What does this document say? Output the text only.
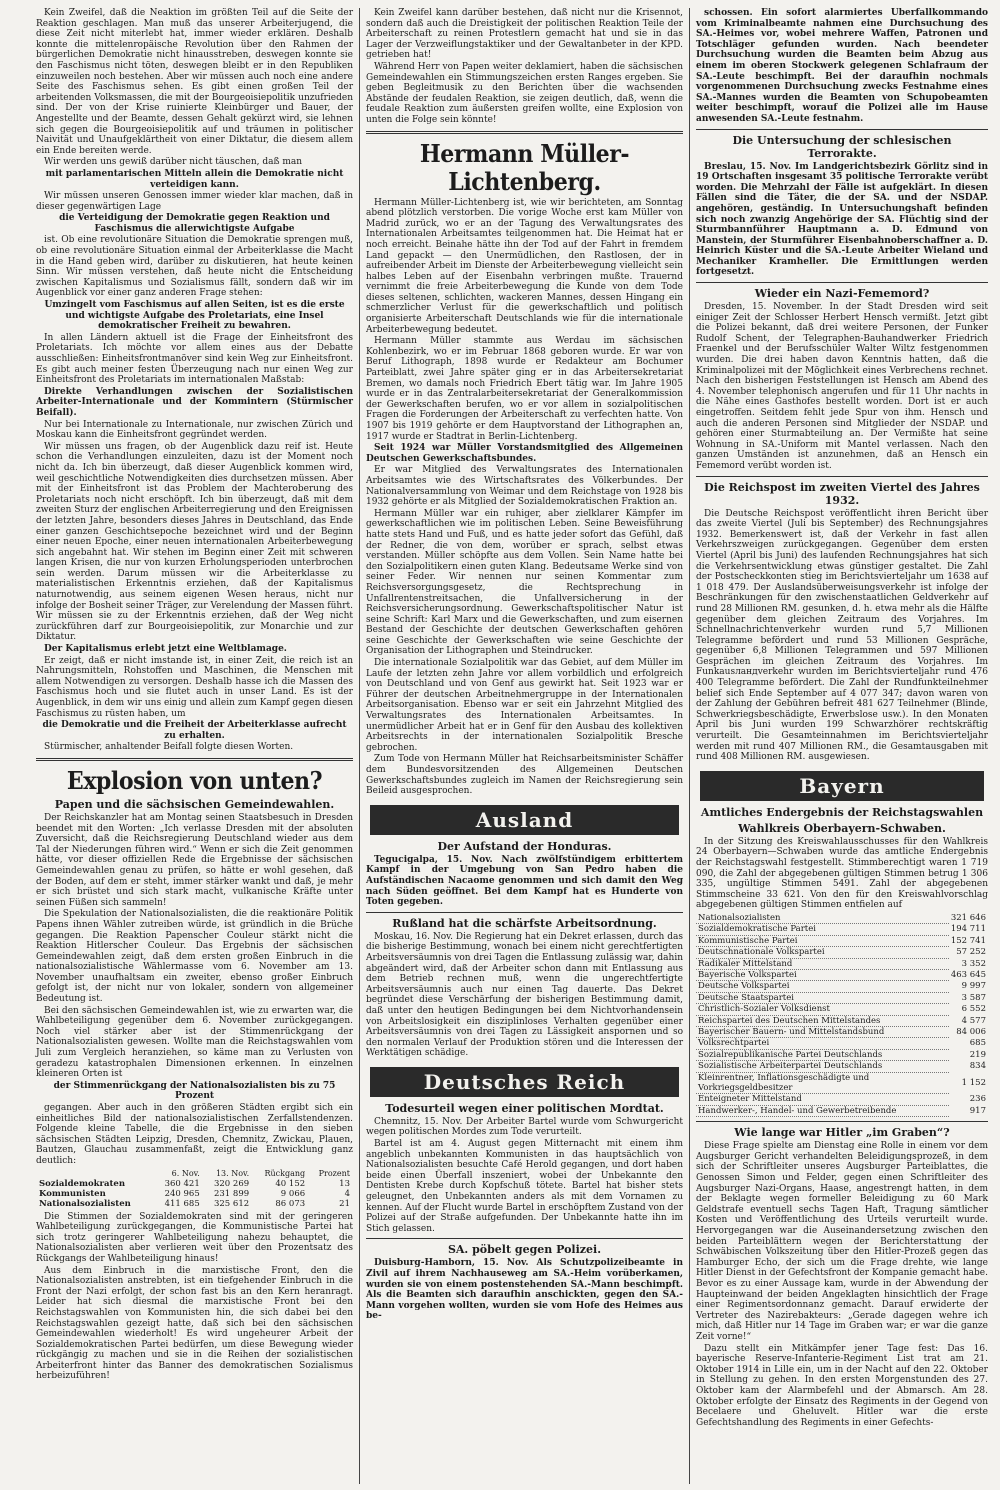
Kein Zweifel, daß die Neaktion im größten Teil auf die Seite der Reaktion geschlagen. Man muß das unserer Arbeiterjugend, die diese Zeit nicht miterlebt hat, immer wieder erklären. Deshalb konnte die mittelenropäische Revolution über den Rahmen der bürgerlichen Demokratie nicht hinausstreben, deswegen konnte sie den Faschismus nicht töten, deswegen bleibt er in den Republiken einzuweilen noch bestehen. Aber wir müssen auch noch eine andere Seite des Faschismus sehen. Es gibt einen großen Teil der arbeitenden Volksmassen, die mit der Bourgeoisiepolitik unzufrieden sind. Der von der Krise ruinierte Kleinbürger und Bauer, der Angestellte und der Beamte, dessen Gehalt gekürzt wird, sie lehnen sich gegen die Bourgeoisiepolitik auf und träumen in politischer Naivität und Unaufgeklärtheit von einer Diktatur, die diesem allem ein Ende bereiten werde.

Wir werden uns gewiß darüber nicht täuschen, daß man

mit parlamentarischen Mitteln allein die Demokratie nicht verteidigen kann.

Wir müssen unseren Genossen immer wieder klar machen, daß in dieser gegenwärtigen Lage

die Verteidigung der Demokratie gegen Reaktion und Faschismus die allerwichtigste Aufgabe

ist. Ob eine revolutionäre Situation die Demokratie sprengen muß, ob eine revolutionäre Situation einmal der Arbeiterklasse die Macht in die Hand geben wird, darüber zu diskutieren, hat heute keinen Sinn. Wir müssen verstehen, daß heute nicht die Entscheidung zwischen Kapitalismus und Sozialismus fällt, sondern daß wir im Augenblick vor einer ganz anderen Frage stehen:

Umzingelt vom Faschismus auf allen Seiten, ist es die erste und wichtigste Aufgabe des Proletariats, eine Insel demokratischer Freiheit zu bewahren.

In allen Ländern aktuell ist die Frage der Einheitsfront des Proletariats. Ich möchte vor allem eines aus der Debatte ausschließen: Einheitsfrontmanöver sind kein Weg zur Einheitsfront. Es gibt auch meiner festen Überzeugung nach nur einen Weg zur Einheitsfront des Proletariats im internationalen Maßstab:

Direkte Verhandlungen zwischen der Sozialistischen Arbeiter-Internationale und der Kommintern (Stürmischer Beifall).

Nur bei Internationale zu Internationale, nur zwischen Zürich und Moskau kann die Einheitsfront gegründet werden.

Wir müssen uns fragen, ob der Augenblick dazu reif ist. Heute schon die Verhandlungen einzuleiten, dazu ist der Moment noch nicht da. Ich bin überzeugt, daß dieser Augenblick kommen wird, weil geschichtliche Notwendigkeiten dies durchsetzen müssen. Aber mit der Einheitsfront ist das Problem der Machteroberung des Proletariats noch nicht erschöpft. Ich bin überzeugt, daß mit dem zweiten Sturz der englischen Arbeiterregierung und den Ereignissen der letzten Jahre, besonders dieses Jahres in Deutschland, das Ende einer ganzen Geschichtsepoche bezeichnet wird und der Beginn einer neuen Epoche, einer neuen internationalen Arbeiterbewegung sich angebahnt hat. Wir stehen im Beginn einer Zeit mit schweren langen Krisen, die nur von kurzen Erholungsperioden unterbrochen sein werden. Darum müssen wir die Arbeiterklasse zu materialistischen Erkenntnis erziehen, daß der Kapitalismus naturnotwendig, aus seinem eigenen Wesen heraus, nicht nur infolge der Bosheit seiner Träger, zur Verelendung der Massen führt. Wir müssen sie zu der Erkenntnis erziehen, daß der Weg nicht zurückführen darf zur Bourgeoisiepolitik, zur Monarchie und zur Diktatur.

Der Kapitalismus erlebt jetzt eine Weltblamage.

Er zeigt, daß er nicht imstande ist, in einer Zeit, die reich ist an Nahrungsmitteln, Rohstoffen und Maschinen, die Menschen mit allem Notwendigen zu versorgen. Deshalb hasse ich die Massen des Faschismus hoch und sie flutet auch in unser Land. Es ist der Augenblick, in dem wir uns einig und allein zum Kampf gegen diesen Faschismus zu rüsten haben, um

die Demokratie und die Freiheit der Arbeiterklasse aufrecht zu erhalten.

Stürmischer, anhaltender Beifall folgte diesen Worten.

Explosion von unten?
Papen und die sächsischen Gemeindewahlen.

Der Reichskanzler hat am Montag seinen Staatsbesuch in Dresden beendet mit den Worten: „Ich verlasse Dresden mit der absoluten Zuversicht, daß die Reichsregierung Deutschland wieder aus dem Tal der Niederungen führen wird.“ Wenn er sich die Zeit genommen hätte, vor dieser offiziellen Rede die Ergebnisse der sächsischen Gemeindewahlen genau zu prüfen, so hätte er wohl gesehen, daß der Boden, auf dem er steht, immer stärker wankt und daß, je mehr er sich brüstet und sich stark macht, vulkanische Kräfte unter seinen Füßen sich sammeln!

Die Spekulation der Nationalsozialisten, die die reaktionäre Politik Papens ihnen Wähler zutreiben würde, ist gründlich in die Brüche gegangen. Die Reaktion Papenscher Couleur stärkt nicht die Reaktion Hitlerscher Couleur. Das Ergebnis der sächsischen Gemeindewahlen zeigt, daß dem ersten großen Einbruch in die nationalsozialistische Wählermasse vom 6. November am 13. November unaufhaltsam ein zweiter, ebenso großer Einbruch gefolgt ist, der nicht nur von lokaler, sondern von allgemeiner Bedeutung ist.

Bei den sächsischen Gemeindewahlen ist, wie zu erwarten war, die Wahlbeteiligung gegenüber dem 6. November zurückgegangen. Noch viel stärker aber ist der Stimmenrückgang der Nationalsozialisten gewesen. Wollte man die Reichstagswahlen vom Juli zum Vergleich heranziehen, so käme man zu Verlusten von geradezu katastrophalen Dimensionen erkennen. In einzelnen kleineren Orten ist

der Stimmenrückgang der Nationalsozialisten bis zu 75 Prozent

gegangen. Aber auch in den größeren Städten ergibt sich ein einheitliches Bild der nationalsozialistischen Zerfallstendenzen. Folgende kleine Tabelle, die die Ergebnisse in den sieben sächsischen Städten Leipzig, Dresden, Chemnitz, Zwickau, Plauen, Bautzen, Glauchau zusammenfaßt, zeigt die Entwicklung ganz deutlich:

	6. Nov.	13. Nov.	Rückgang	Prozent
Sozialdemokraten	360 421	320 269	40 152	13
Kommunisten	240 965	231 899	9 066	4
Nationalsozialisten	411 685	325 612	86 073	21

Die Stimmen der Sozialdemokraten sind mit der geringeren Wahlbeteiligung zurückgegangen, die Kommunistische Partei hat sich trotz geringerer Wahlbeteiligung nahezu behauptet, die Nationalsozialisten aber verlieren weit über den Prozentsatz des Rückgangs der Wahlbeteiligung hinaus!

Aus dem Einbruch in die marxistische Front, den die Nationalsozialisten anstrebten, ist ein tiefgehender Einbruch in die Front der Nazi erfolgt, der schon fast bis an den Kern heranragt. Leider hat sich diesmal die marxistische Front bei den Reichstagswahlen von Kommunisten hin, die sich dabei bei den Reichstagswahlen gezeigt hatte, daß sich bei den sächsischen Gemeindewahlen wiederholt! Es wird ungeheurer Arbeit der Sozialdemokratischen Partei bedürfen, um diese Bewegung wieder rückgängig zu machen und sie in die Reihen der sozialistischen Arbeiterfront hinter das Banner des demokratischen Sozialismus herbeizuführen!

Kein Zweifel kann darüber bestehen, daß nicht nur die Krisennot, sondern daß auch die Dreistigkeit der politischen Reaktion Teile der Arbeiterschaft zu reinen Protestlern gemacht hat und sie in das Lager der Verzweiflungstaktiker und der Gewaltanbeter in der KPD. getrieben hat!

Während Herr von Papen weiter deklamiert, haben die sächsischen Gemeindewahlen ein Stimmungszeichen ersten Ranges ergeben. Sie geben Begleitmusik zu den Berichten über die wachsenden Abstände der feudalen Reaktion, sie zeigen deutlich, daß, wenn die feudale Reaktion zum äußersten greifen wollte, eine Explosion von unten die Folge sein könnte!

Hermann Müller-Lichtenberg.

Hermann Müller-Lichtenberg ist, wie wir berichteten, am Sonntag abend plötzlich verstorben. Die vorige Woche erst kam Müller von Madrid zurück, wo er an der Tagung des Verwaltungsrates des Internationalen Arbeitsamtes teilgenommen hat. Die Heimat hat er noch erreicht. Beinahe hätte ihn der Tod auf der Fahrt in fremdem Land gepackt — den Unermüdlichen, den Rastlosen, der in aufreibender Arbeit im Dienste der Arbeiterbewegung vielleicht sein halbes Leben auf der Eisenbahn verbringen mußte. Trauernd vernimmt die freie Arbeiterbewegung die Kunde von dem Tode dieses seltenen, schlichten, wackeren Mannes, dessen Hingang ein schmerzlicher Verlust für die gewerkschaftlich und politisch organisierte Arbeiterschaft Deutschlands wie für die internationale Arbeiterbewegung bedeutet.

Hermann Müller stammte aus Werdau im sächsischen Kohlenbezirk, wo er im Februar 1868 geboren wurde. Er war von Beruf Lithograph, 1898 wurde er Redakteur am Bochumer Parteiblatt, zwei Jahre später ging er in das Arbeitersekretariat Bremen, wo damals noch Friedrich Ebert tätig war. Im Jahre 1905 wurde er in das Zentralarbeitersekretariat der Generalkommission der Gewerkschaften berufen, wo er vor allem in sozialpolitischen Fragen die Forderungen der Arbeiterschaft zu verfechten hatte. Von 1907 bis 1919 gehörte er dem Hauptvorstand der Lithographen an, 1917 wurde er Stadtrat in Berlin-Lichtenberg.

Seit 1924 war Müller Vorstandsmitglied des Allgemeinen Deutschen Gewerkschaftsbundes.

Er war Mitglied des Verwaltungsrates des Internationalen Arbeitsamtes wie des Wirtschaftsrates des Völkerbundes. Der Nationalversammlung von Weimar und dem Reichstage von 1928 bis 1932 gehörte er als Mitglied der Sozialdemokratischen Fraktion an.

Hermann Müller war ein ruhiger, aber zielklarer Kämpfer im gewerkschaftlichen wie im politischen Leben. Seine Beweisführung hatte stets Hand und Fuß, und es hatte jeder sofort das Gefühl, daß der Redner, die von dem, worüber er sprach, selbst etwas verstanden. Müller schöpfte aus dem Vollen. Sein Name hatte bei den Sozialpolitikern einen guten Klang. Bedeutsame Werke sind von seiner Feder. Wir nennen nur seinen Kommentar zum Reichsversorgungsgesetz, die Rechtsprechung in Unfallrentenstreitsachen, die Unfallversicherung in der Reichsversicherungsordnung. Gewerkschaftspolitischer Natur ist seine Schrift: Karl Marx und die Gewerkschaften, und zum eisernen Bestand der Geschichte der deutschen Gewerkschaften gehören seine Geschichte der Gewerkschaften wie seine Geschichte der Organisation der Lithographen und Steindrucker.

Die internationale Sozialpolitik war das Gebiet, auf dem Müller im Laufe der letzten zehn Jahre vor allem vorbildlich und erfolgreich von Deutschland und von Genf aus gewirkt hat. Seit 1923 war er Führer der deutschen Arbeitnehmergruppe in der Internationalen Arbeitsorganisation. Ebenso war er seit ein Jahrzehnt Mitglied des Verwaltungsrates des Internationalen Arbeitsamtes. In unermüdlicher Arbeit hat er in Genf für den Ausbau des kollektiven Arbeitsrechts in der internationalen Sozialpolitik Bresche gebrochen.

Zum Tode von Hermann Müller hat Reichsarbeitsminister Schäffer dem Bundesvorsitzenden des Allgemeinen Deutschen Gewerkschaftsbundes zugleich im Namen der Reichsregierung sein Beileid ausgesprochen.

Ausland
Der Aufstand der Honduras.

Tegucigalpa, 15. Nov. Nach zwölfstündigem erbittertem Kampf in der Umgebung von San Pedro haben die Aufständischen Nacaome genommen und sich damit den Weg nach Süden geöffnet. Bei dem Kampf hat es Hunderte von Toten gegeben.

Rußland hat die schärfste Arbeitsordnung.

Moskau, 16. Nov. Die Regierung hat ein Dekret erlassen, durch das die bisherige Bestimmung, wonach bei einem nicht gerechtfertigten Arbeitsversäumnis von drei Tagen die Entlassung zulässig war, dahin abgeändert wird, daß der Arbeiter schon dann mit Entlassung aus dem Betrieb rechnen muß, wenn die ungerechtfertigte Arbeitsversäumnis auch nur einen Tag dauerte. Das Dekret begründet diese Verschärfung der bisherigen Bestimmung damit, daß unter den heutigen Bedingungen bei dem Nichtvorhandensein von Arbeitslosigkeit ein disziplinloses Verhalten gegenüber einer Arbeitsversäumnis von drei Tagen zu Lässigkeit anspornen und so den normalen Verlauf der Produktion stören und die Interessen der Werktätigen schädige.

Deutsches Reich
Todesurteil wegen einer politischen Mordtat.

Chemnitz, 15. Nov. Der Arbeiter Bartel wurde vom Schwurgericht wegen politischen Mordes zum Tode verurteilt.

Bartel ist am 4. August gegen Mitternacht mit einem ihm angeblich unbekannten Kommunisten in das hauptsächlich von Nationalsozialisten besuchte Café Herold gegangen, und dort haben beide einen Überfall inszeniert, wobei der Unbekannte den Dentisten Krebe durch Kopfschuß tötete. Bartel hat bisher stets geleugnet, den Unbekannten anders als mit dem Vornamen zu kennen. Auf der Flucht wurde Bartel in erschöpftem Zustand von der Polizei auf der Straße aufgefunden. Der Unbekannte hatte ihn im Stich gelassen.

SA. pöbelt gegen Polizei.

Duisburg-Hamborn, 15. Nov. Als Schutzpolizeibeamte in Zivil auf ihrem Nachhauseweg am SA.-Heim vorüberkamen, wurden sie von einem postenstehenden SA.-Mann beschimpft. Als die Beamten sich daraufhin anschickten, gegen den SA.-Mann vorgehen wollten, wurden sie vom Hofe des Heimes aus be-

schossen. Ein sofort alarmiertes Überfallkommando vom Kriminalbeamte nahmen eine Durchsuchung des SA.-Heimes vor, wobei mehrere Waffen, Patronen und Totschläger gefunden wurden. Nach beendeter Durchsuchung wurden die Beamten beim Abzug aus einem im oberen Stockwerk gelegenen Schlafraum der SA.-Leute beschimpft. Bei der daraufhin nochmals vorgenommenen Durchsuchung zwecks Festnahme eines SA.-Mannes wurden die Beamten von Schupobeamten weiter beschimpft, worauf die Polizei alle im Hause anwesenden SA.-Leute festnahm.

Die Untersuchung der schlesischen Terrorakte.

Breslau, 15. Nov. Im Landgerichtsbezirk Görlitz sind in 19 Ortschaften insgesamt 35 politische Terrorakte verübt worden. Die Mehrzahl der Fälle ist aufgeklärt. In diesen Fällen sind die Täter, die der SA. und der NSDAP. angehören, geständig. In Untersuchungshaft befinden sich noch zwanzig Angehörige der SA. Flüchtig sind der Sturmbannführer Hauptmann a. D. Edmund von Manstein, der Sturmführer Eisenbahnoberschaffner a. D. Heinrich Küster und die SA.-Leute Arbeiter Wieland und Mechaniker Kramheller. Die Ermittlungen werden fortgesetzt.

Wieder ein Nazi-Fememord?

Dresden, 15. November. In der Stadt Dresden wird seit einiger Zeit der Schlosser Herbert Hensch vermißt. Jetzt gibt die Polizei bekannt, daß drei weitere Personen, der Funker Rudolf Schent, der Telegraphen-Bauhandwerker Friedrich Fraenkel und der Berufsschüler Walter Wiltz festgenommen wurden. Die drei haben davon Kenntnis hatten, daß die Kriminalpolizei mit der Möglichkeit eines Verbrechens rechnet. Nach den bisherigen Feststellungen ist Hensch am Abend des 4. November telephonisch angerufen und für 11 Uhr nachts in die Nähe eines Gasthofes bestellt worden. Dort ist er auch eingetroffen. Seitdem fehlt jede Spur von ihm. Hensch und auch die anderen Personen sind Mitglieder der NSDAP. und gehören einer Sturmabteilung an. Der Vermißte hat seine Wohnung in SA.-Uniform mit Mantel verlassen. Nach den ganzen Umständen ist anzunehmen, daß an Hensch ein Fememord verübt worden ist.

Die Reichspost im zweiten Viertel des Jahres 1932.

Die Deutsche Reichspost veröffentlicht ihren Bericht über das zweite Viertel (Juli bis September) des Rechnungsjahres 1932. Bemerkenswert ist, daß der Verkehr in fast allen Verkehrszweigen zurückgegangen. Gegenüber dem ersten Viertel (April bis Juni) des laufenden Rechnungsjahres hat sich die Verkehrsentwicklung etwas günstiger gestaltet. Die Zahl der Postscheckkonten stieg im Berichtsvierteljahr um 1638 auf 1 018 479. Der Auslandsüberweisungsverkehr ist infolge der Beschränkungen für den zwischenstaatlichen Geldverkehr auf rund 28 Millionen RM. gesunken, d. h. etwa mehr als die Hälfte gegenüber dem gleichen Zeitraum des Vorjahres. Im Schnellnachrichtenverkehr wurden rund 5,7 Millionen Telegramme befördert und rund 53 Millionen Gespräche, gegenüber 6,8 Millionen Telegrammen und 597 Millionen Gesprächen im gleichen Zeitraum des Vorjahres. Im Funkausландverkehr wurden im Berichtsvierteljahr rund 476 400 Telegramme befördert. Die Zahl der Rundfunkteilnehmer belief sich Ende September auf 4 077 347; davon waren von der Zahlung der Gebühren befreit 481 627 Teilnehmer (Blinde, Schwerkriegsbeschädigte, Erwerbslose usw.). In den Monaten April bis Juni wurden 199 Schwarzhörer rechtskräftig verurteilt. Die Gesamteinnahmen im Berichtsvierteljahr werden mit rund 407 Millionen RM., die Gesamtausgaben mit rund 408 Millionen RM. ausgewiesen.

Bayern
Amtliches Endergebnis der Reichstagswahlen
Wahlkreis Oberbayern-Schwaben.

In der Sitzung des Kreiswahlausschusses für den Wahlkreis 24 Oberbayern—Schwaben wurde das amtliche Endergebnis der Reichstagswahl festgestellt. Stimmberechtigt waren 1 719 090, die Zahl der abgegebenen gültigen Stimmen betrug 1 306 335, ungültige Stimmen 5491. Zahl der abgegebenen Stimmscheine 33 621. Von den für den Kreiswahlvorschlag abgegebenen gültigen Stimmen entfielen auf

Nationalsozialisten	321 646
Sozialdemokratische Partei	194 711
Kommunistische Partei	152 741
Deutschnationale Volkspartei	57 252
Radikaler Mittelstand	3 352
Bayerische Volkspartei	463 645
Deutsche Volkspartei	9 997
Deutsche Staatspartei	3 587
Christlich-Sozialer Volksdienst	6 552
Reichspartei des Deutschen Mittelstandes	4 577
Bayerischer Bauern- und Mittelstandsbund	84 006
Volksrechtpartei	685
Sozialrepublikanische Partei Deutschlands	219
Sozialistische Arbeiterpartei Deutschlands	834
Kleinrentner, Inflationsgeschädigte und Vorkriegsgeldbesitzer	1 152
Enteigneter Mittelstand	236
Handwerker-, Handel- und Gewerbetreibende	917
Wie lange war Hitler „im Graben“?

Diese Frage spielte am Dienstag eine Rolle in einem vor dem Augsburger Gericht verhandelten Beleidigungsprozeß, in dem sich der Schriftleiter unseres Augsburger Parteiblattes, die Genossen Simon und Felder, gegen einen Schriftleiter des Augsburger Nazi-Organs, Haase, angestrengt hatten, in dem der Beklagte wegen formeller Beleidigung zu 60 Mark Geldstrafe eventuell sechs Tagen Haft, Tragung sämtlicher Kosten und Veröffentlichung des Urteils verurteilt wurde. Hervorgegangen war die Auseinandersetzung zwischen den beiden Parteiblättern wegen der Berichterstattung der Schwäbischen Volkszeitung über den Hitler-Prozeß gegen das Hamburger Echo, der sich um die Frage drehte, wie lange Hitler Dienst in der Gefechtsfront der Kompanie gemacht habe. Bevor es zu einer Aussage kam, wurde in der Abwendung der Haupteinwand der beiden Angeklagten hinsichtlich der Frage einer Regimentsordonnanz gemacht. Darauf erwiderte der Vertreter des Nazirebakteurs: „Gerade dagegen wehre ich mich, daß Hitler nur 14 Tage im Graben war; er war die ganze Zeit vorne!“

Dazu stellt ein Mitkämpfer jener Tage fest: Das 16. bayerische Reserve-Infanterie-Regiment List trat am 21. Oktober 1914 in Lille ein, um in der Nacht auf den 22. Oktober in Stellung zu gehen. In den ersten Morgenstunden des 27. Oktober kam der Alarmbefehl und der Abmarsch. Am 28. Oktober erfolgte der Einsatz des Regiments in der Gegend von Becelaere und Gheluvelt. Hitler war die erste Gefechtshandlung des Regiments in einer Gefechts-
